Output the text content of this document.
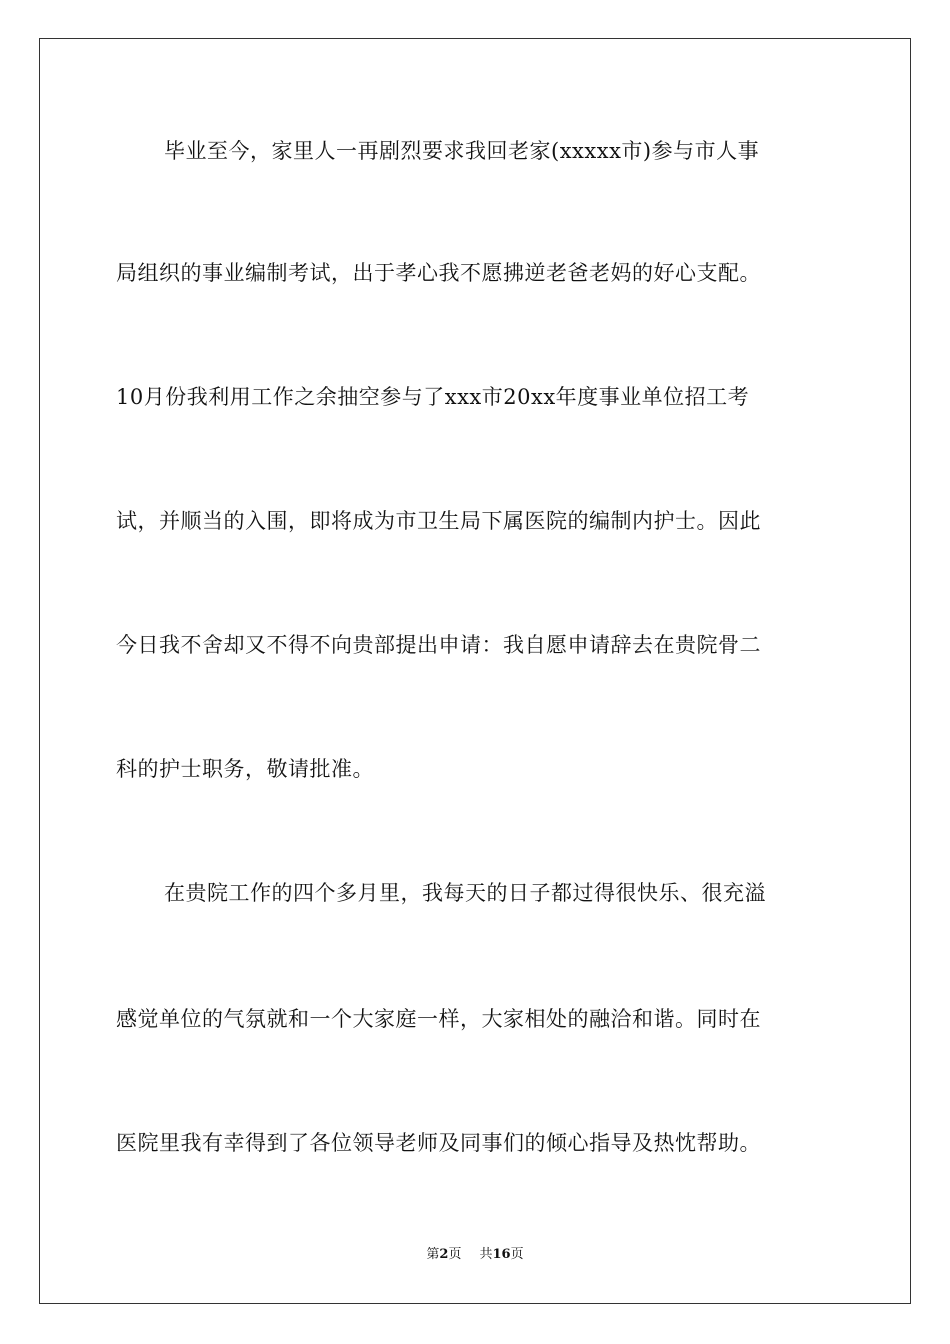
毕业至今，家里人一再剧烈要求我回老家(xxxxx市)参与市人事
局组织的事业编制考试，出于孝心我不愿拂逆老爸老妈的好心支配。
10月份我利用工作之余抽空参与了xxx市20xx年度事业单位招工考
试，并顺当的入围，即将成为市卫生局下属医院的编制内护士。因此
今日我不舍却又不得不向贵部提出申请：我自愿申请辞去在贵院骨二
科的护士职务，敬请批准。
在贵院工作的四个多月里，我每天的日子都过得很快乐、很充溢
感觉单位的气氛就和一个大家庭一样，大家相处的融洽和谐。同时在
医院里我有幸得到了各位领导老师及同事们的倾心指导及热忱帮助。
第2页 共16页
